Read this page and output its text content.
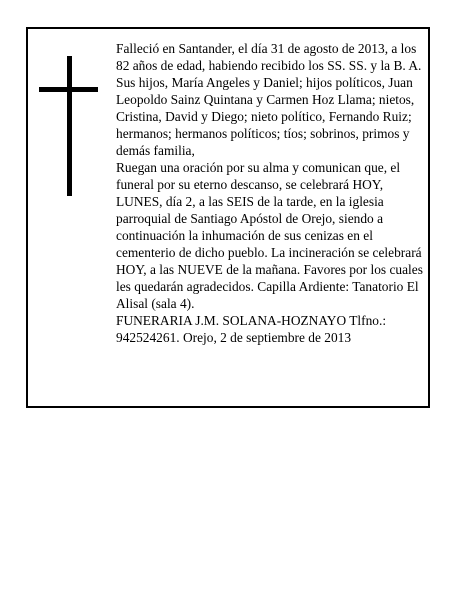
Falleció en Santander, el día 31 de agosto de 2013, a los 82 años de edad, habiendo recibido los SS. SS. y la B. A.

Sus hijos, María Angeles y Daniel; hijos políticos, Juan Leopoldo Sainz Quintana y Carmen Hoz Llama; nietos, Cristina, David y Diego; nieto político, Fernando Ruiz; hermanos; hermanos políticos; tíos; sobrinos, primos y demás familia,

Ruegan una oración por su alma y comunican que, el funeral por su eterno descanso, se celebrará HOY, LUNES, día 2, a las SEIS de la tarde, en la iglesia parroquial de Santiago Apóstol de Orejo, siendo a continuación la inhumación de sus cenizas en el cementerio de dicho pueblo. La incineración se celebrará HOY, a las NUEVE de la mañana. Favores por los cuales les quedarán agradecidos. Capilla Ardiente: Tanatorio El Alisal (sala 4).

FUNERARIA J.M. SOLANA-HOZNAYO Tlfno.: 942524261. Orejo, 2 de septiembre de 2013
